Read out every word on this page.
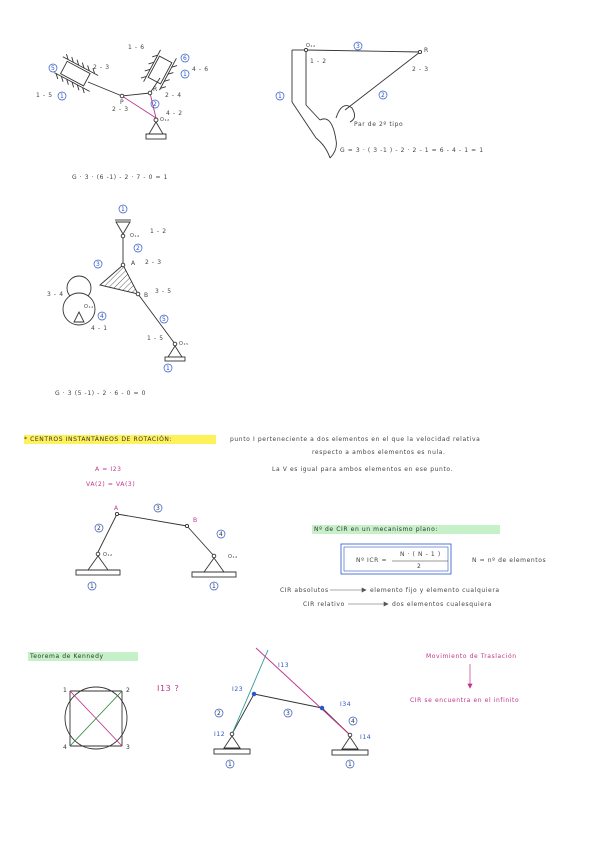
5
1
6
1
2
1 - 5
2 - 3
1 - 6
4 - 6
2 - 4
4 - 2
2 - 3
R
P
O₁₂
G · 3 · (6 -1) - 2 · 7 - 0 = 1
O₁₂
R
1 - 2
2 - 3
3
1	2
Par de 2º tipo
G = 3 · ( 3 -1 ) - 2 · 2 - 1 = 6 - 4 - 1 = 1
1
1 - 2
O₁₂
2
3	2 - 3
A
B
3 - 5
3 - 4
O₁₄
4
4 - 1
5
1 - 5
O₁₅
1
G · 3 (5 -1) - 2 · 6 - 0 = 0
* CENTROS INSTANTÁNEOS DE ROTACIÓN:	punto I perteneciente a dos elementos en el que la velocidad relativa
respecto a ambos elementos es nula.
La V es igual para ambos elementos en ese punto.
A = I23
VA(2) = VA(3)
A
B
2
3
4
O₁₂	O₁₄
1	1
Nº de CIR en un mecanismo plano:
Nº ICR =
N · ( N - 1 )
2
N = nº de elementos
CIR absolutos	elemento fijo y elemento cualquiera
CIR relativo	dos elementos cualesquiera
Teorema de Kennedy
I13 ?
1	2
3
4
I13
I23
I34
I12	I14
2	3
4
1	1
Movimiento de Traslación
CIR se encuentra en el infinito
